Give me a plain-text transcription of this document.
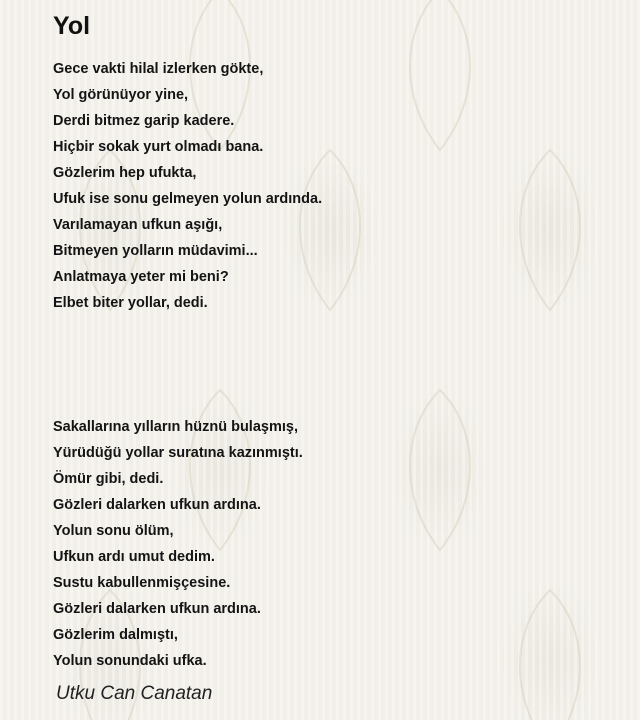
Yol
Gece vakti hilal izlerken gökte,
Yol görünüyor yine,
Derdi bitmez garip kadere.
Hiçbir sokak yurt olmadı bana.
Gözlerim hep ufukta,
Ufuk ise sonu gelmeyen yolun ardında.
Varılamayan ufkun aşığı,
Bitmeyen yolların müdavimi...
Anlatmaya yeter mi beni?
Elbet biter yollar, dedi.
Sakallarına yılların hüznü bulaşmış,
Yürüdüğü yollar suratına kazınmıştı.
Ömür gibi, dedi.
Gözleri dalarken ufkun ardına.
Yolun sonu ölüm,
Ufkun ardı umut dedim.
Sustu kabullenmişçesine.
Gözleri dalarken ufkun ardına.
Gözlerim dalmıştı,
Yolun sonundaki ufka.
Utku Can Canatan
